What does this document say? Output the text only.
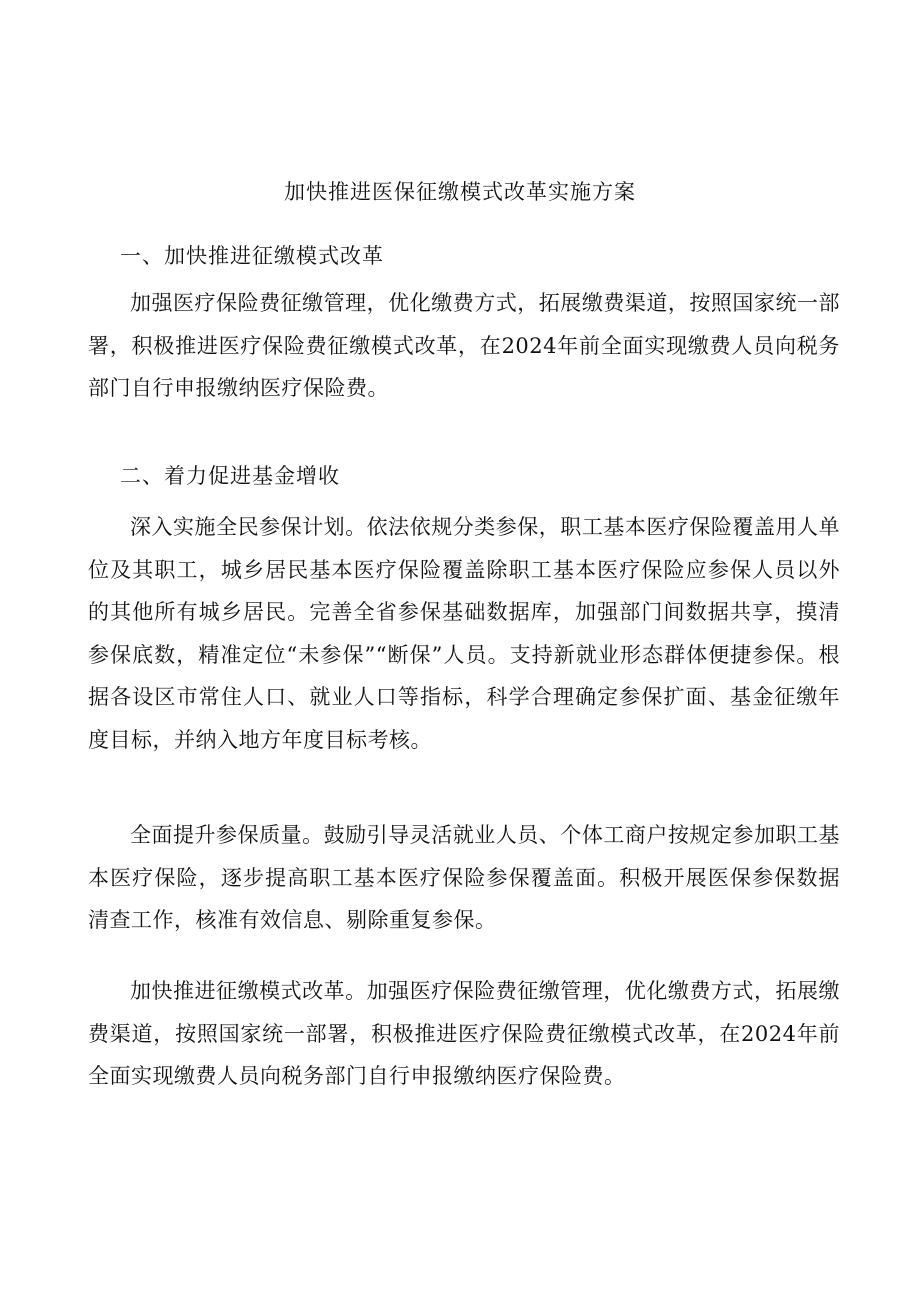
加快推进医保征缴模式改革实施方案
一、加快推进征缴模式改革

加强医疗保险费征缴管理，优化缴费方式，拓展缴费渠道，按照国家统一部署，积极推进医疗保险费征缴模式改革，在2024年前全面实现缴费人员向税务部门自行申报缴纳医疗保险费。

二、着力促进基金增收

深入实施全民参保计划。依法依规分类参保，职工基本医疗保险覆盖用人单位及其职工，城乡居民基本医疗保险覆盖除职工基本医疗保险应参保人员以外的其他所有城乡居民。完善全省参保基础数据库，加强部门间数据共享，摸清参保底数，精准定位“未参保”“断保”人员。支持新就业形态群体便捷参保。根据各设区市常住人口、就业人口等指标，科学合理确定参保扩面、基金征缴年度目标，并纳入地方年度目标考核。

全面提升参保质量。鼓励引导灵活就业人员、个体工商户按规定参加职工基本医疗保险，逐步提高职工基本医疗保险参保覆盖面。积极开展医保参保数据清查工作，核准有效信息、剔除重复参保。

加快推进征缴模式改革。加强医疗保险费征缴管理，优化缴费方式，拓展缴费渠道，按照国家统一部署，积极推进医疗保险费征缴模式改革，在2024年前全面实现缴费人员向税务部门自行申报缴纳医疗保险费。
